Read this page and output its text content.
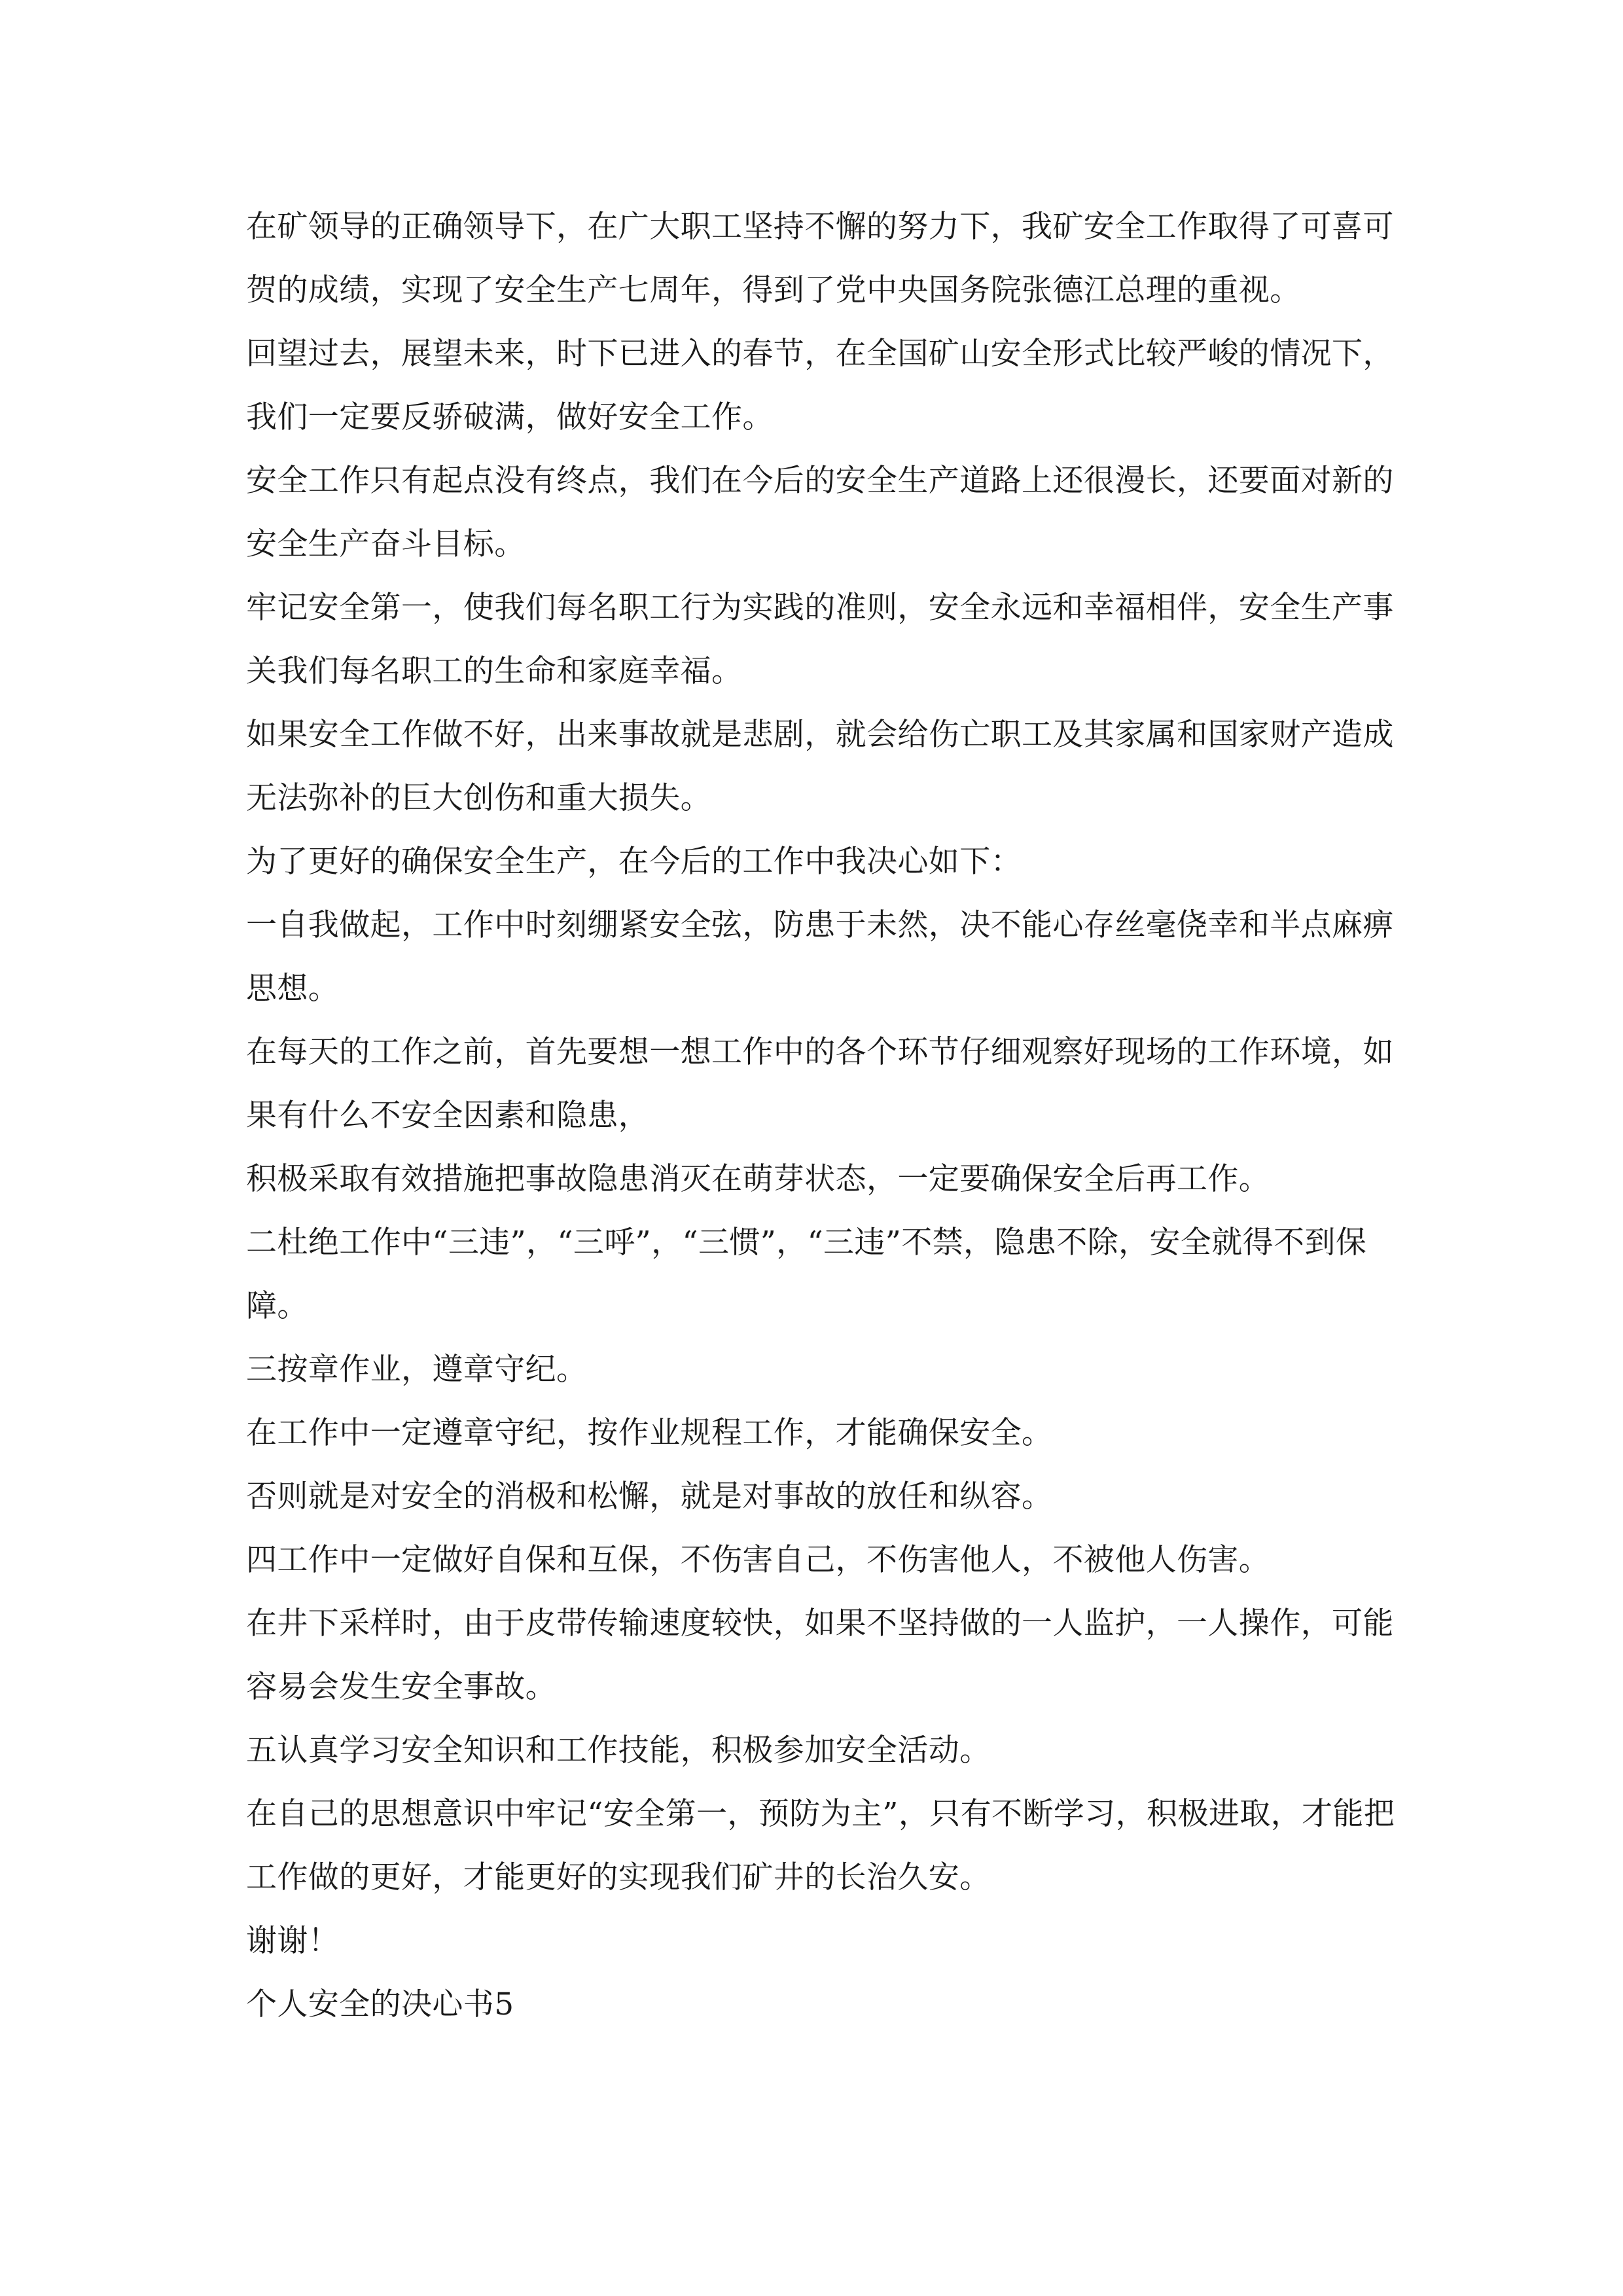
在矿领导的正确领导下，在广大职工坚持不懈的努力下，我矿安全工作取得了可喜可贺的成绩，实现了安全生产七周年，得到了党中央国务院张德江总理的重视。

回望过去，展望未来，时下已进入的春节，在全国矿山安全形式比较严峻的情况下，我们一定要反骄破满，做好安全工作。

安全工作只有起点没有终点，我们在今后的安全生产道路上还很漫长，还要面对新的安全生产奋斗目标。

牢记安全第一，使我们每名职工行为实践的准则，安全永远和幸福相伴，安全生产事关我们每名职工的生命和家庭幸福。

如果安全工作做不好，出来事故就是悲剧，就会给伤亡职工及其家属和国家财产造成无法弥补的巨大创伤和重大损失。

为了更好的确保安全生产，在今后的工作中我决心如下：

一自我做起，工作中时刻绷紧安全弦，防患于未然，决不能心存丝毫侥幸和半点麻痹思想。

在每天的工作之前，首先要想一想工作中的各个环节仔细观察好现场的工作环境，如果有什么不安全因素和隐患，

积极采取有效措施把事故隐患消灭在萌芽状态，一定要确保安全后再工作。

二杜绝工作中“三违”，“三呼”，“三惯”，“三违”不禁，隐患不除，安全就得不到保障。

三按章作业，遵章守纪。

在工作中一定遵章守纪，按作业规程工作，才能确保安全。

否则就是对安全的消极和松懈，就是对事故的放任和纵容。

四工作中一定做好自保和互保，不伤害自己，不伤害他人，不被他人伤害。

在井下采样时，由于皮带传输速度较快，如果不坚持做的一人监护，一人操作，可能容易会发生安全事故。

五认真学习安全知识和工作技能，积极参加安全活动。

在自己的思想意识中牢记“安全第一，预防为主”，只有不断学习，积极进取，才能把工作做的更好，才能更好的实现我们矿井的长治久安。

谢谢！

个人安全的决心书5
